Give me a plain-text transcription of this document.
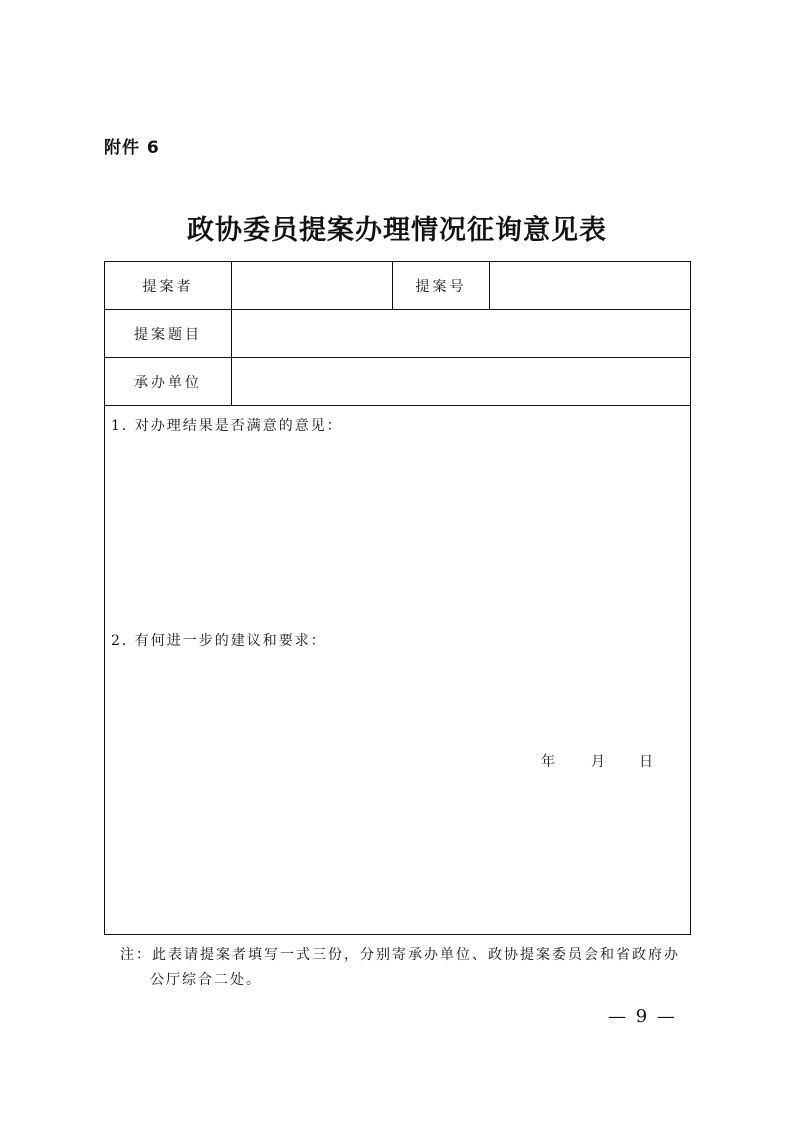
附件 6
政协委员提案办理情况征询意见表
提案者	提案号
提案题目
承办单位
1. 对办理结果是否满意的意见：
2. 有何进一步的建议和要求：
年	月 日
注：此表请提案者填写一式三份，分别寄承办单位、政协提案委员会和省政府办
公厅综合二处。
— 9 —
